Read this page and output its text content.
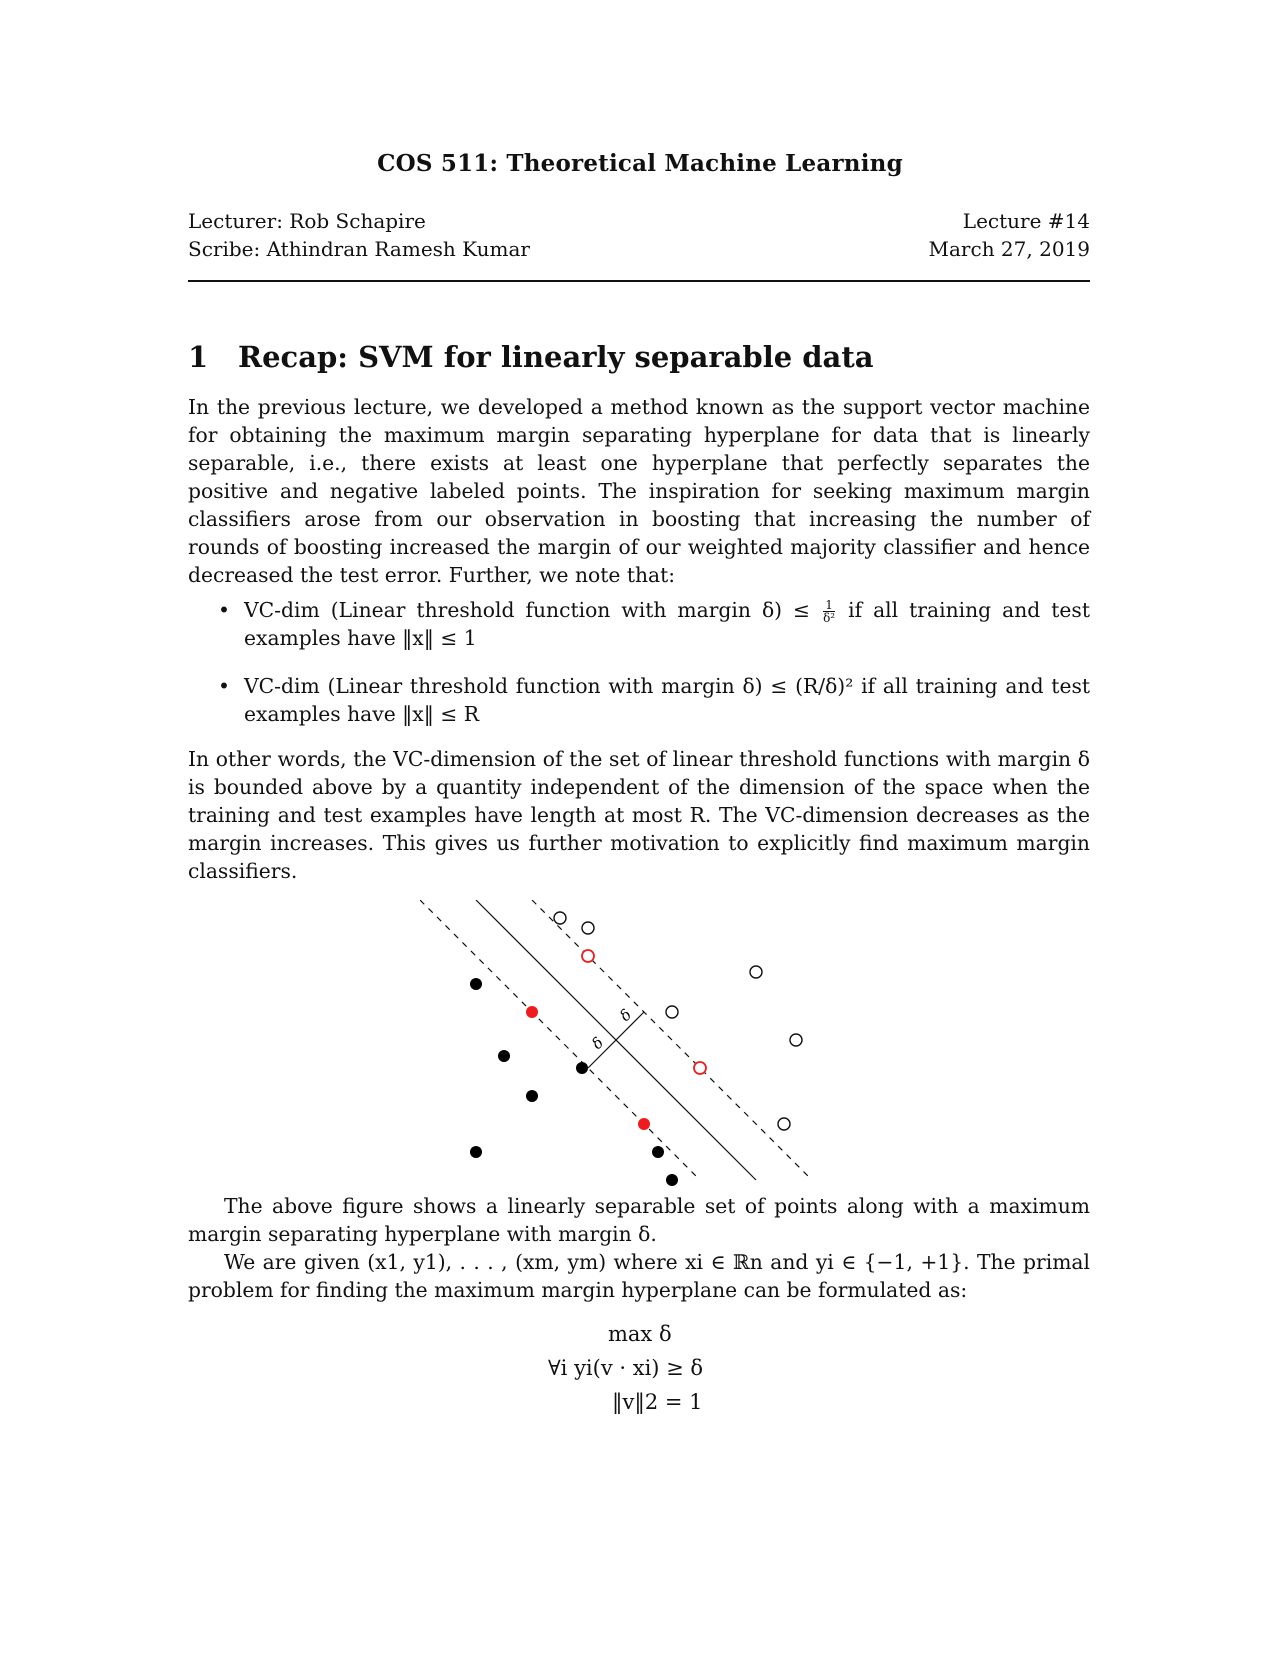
COS 511: Theoretical Machine Learning
Lecturer: Rob Schapire
Scribe: Athindran Ramesh Kumar
Lecture #14
March 27, 2019
1 Recap: SVM for linearly separable data

In the previous lecture, we developed a method known as the support vector machine for obtaining the maximum margin separating hyperplane for data that is linearly separable, i.e., there exists at least one hyperplane that perfectly separates the positive and negative labeled points. The inspiration for seeking maximum margin classifiers arose from our observation in boosting that increasing the number of rounds of boosting increased the margin of our weighted majority classifier and hence decreased the test error. Further, we note that:

• VC-dim (Linear threshold function with margin $\delta) \le \frac{1}{\text{δ²}}$ if all training and test examples have ‖x‖ ≤ 1
• VC-dim (Linear threshold function with margin δ) ≤ (R/δ)² if all training and test examples have ‖x‖ ≤ R

In other words, the VC-dimension of the set of linear threshold functions with margin δ is bounded above by a quantity independent of the dimension of the space when the training and test examples have length at most R. The VC-dimension decreases as the margin increases. This gives us further motivation to explicitly find maximum margin classifiers.

δ
δ

The above figure shows a linearly separable set of points along with a maximum margin separating hyperplane with margin δ.

We are given (x1, y1), . . . , (xm, ym) where xi ∈ ℝn and yi ∈ {−1, +1}. The primal problem for finding the maximum margin hyperplane can be formulated as:

max δ
∀i yi(v · xi) ≥ δ
‖v‖2 = 1
